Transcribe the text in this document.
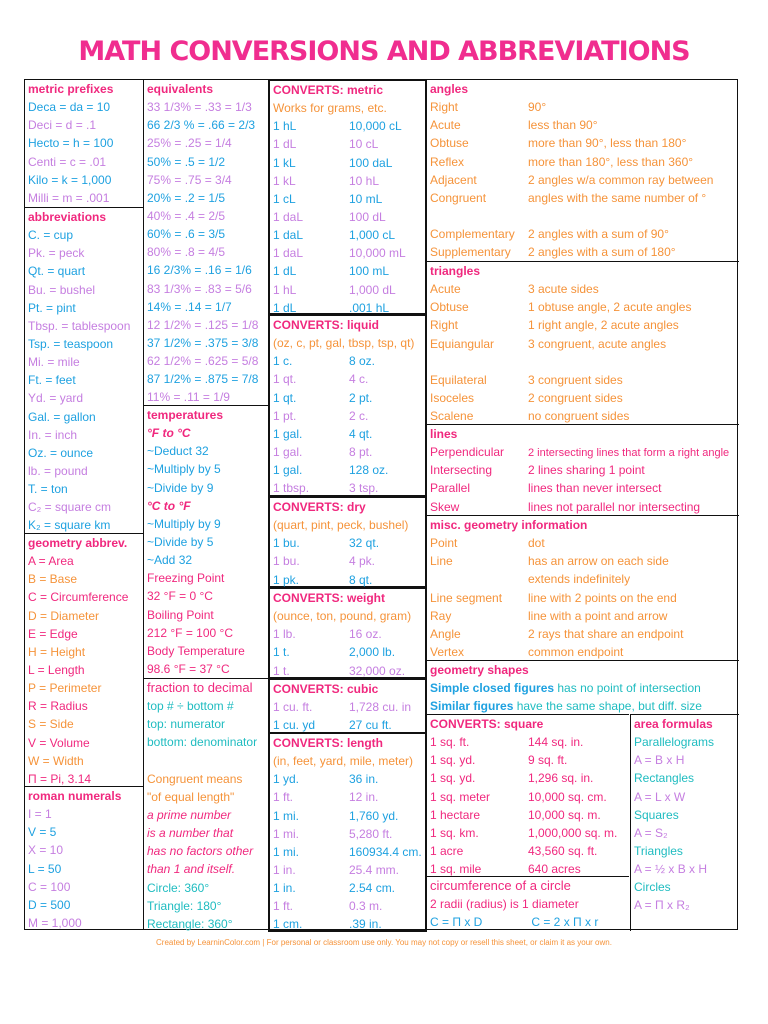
MATH CONVERSIONS AND ABBREVIATIONS
metric prefixes
Deca = da = 10
Deci = d = .1
Hecto = h = 100
Centi = c = .01
Kilo = k = 1,000
Milli = m = .001
abbreviations
C. = cup
Pk. = peck
Qt. = quart
Bu. = bushel
Pt. = pint
Tbsp. = tablespoon
Tsp. = teaspoon
Mi. = mile
Ft. = feet
Yd. = yard
Gal. = gallon
In. = inch
Oz. = ounce
lb. = pound
T. = ton
C₂ = square cm
K₂ = square km
geometry abbrev.
A = Area
B = Base
C = Circumference
D = Diameter
E = Edge
H = Height
L = Length
P = Perimeter
R = Radius
S = Side
V = Volume
W = Width
Π = Pi, 3.14
roman numerals
I = 1
V = 5
X = 10
L = 50
C = 100
D = 500
M = 1,000
equivalents
33 1/3% = .33 = 1/3
66 2/3 % = .66 = 2/3
25% = .25 = 1/4
50% = .5 = 1/2
75% = .75 = 3/4
20% = .2 = 1/5
40% = .4 = 2/5
60% = .6 = 3/5
80% = .8 = 4/5
16 2/3% = .16 = 1/6
83 1/3% = .83 = 5/6
14% = .14 = 1/7
12 1/2% = .125 = 1/8
37 1/2% = .375 = 3/8
62 1/2% = .625 = 5/8
87 1/2% = .875 = 7/8
11% = .11 = 1/9
temperatures
°F to °C
~Deduct 32
~Multiply by 5
~Divide by 9
°C to °F
~Multiply by 9
~Divide by 5
~Add 32
Freezing Point
32 °F = 0 °C
Boiling Point
212 °F = 100 °C
Body Temperature
98.6 °F = 37 °C
fraction to decimal
top # ÷ bottom #
top: numerator
bottom: denominator
Congruent means
"of equal length"
a prime number
is a number that
has no factors other
than 1 and itself.
Circle: 360°
Triangle: 180°
Rectangle: 360°
CONVERTS: metric
Works for grams, etc.
1 hL	10,000 cL
1 dL	10 cL
1 kL	100 daL
1 kL	10 hL
1 cL	10 mL
1 daL	100 dL
1 daL	1,000 cL
1 daL	10,000 mL
1 dL	100 mL
1 hL	1,000 dL
1 dL	.001 hL
CONVERTS: liquid
(oz, c, pt, gal, tbsp, tsp, qt)
1 c.	8 oz.
1 qt.	4 c.
1 qt.	2 pt.
1 pt.	2 c.
1 gal.	4 qt.
1 gal.	8 pt.
1 gal.	128 oz.
1 tbsp.	3 tsp.
CONVERTS: dry
(quart, pint, peck, bushel)
1 bu.	32 qt.
1 bu.	4 pk.
1 pk.	8 qt.
CONVERTS: weight
(ounce, ton, pound, gram)
1 lb.	16 oz.
1 t.	2,000 lb.
1 t.	32,000 oz.
CONVERTS: cubic
1 cu. ft.	1,728 cu. in
1 cu. yd	27 cu ft.
CONVERTS: length
(in, feet, yard, mile, meter)
1 yd.	36 in.
1 ft.	12 in.
1 mi.	1,760 yd.
1 mi.	5,280 ft.
1 mi.	160934.4 cm.
1 in.	25.4 mm.
1 in.	2.54 cm.
1 ft.	0.3 m.
1 cm.	.39 in.
angles
Right	90°
Acute	less than 90°
Obtuse	more than 90°, less than 180°
Reflex	more than 180°, less than 360°
Adjacent	2 angles w/a common ray between
Congruent	angles with the same number of °
Complementary 2 angles with a sum of 90°
Supplementary 2 angles with a sum of 180°
triangles
Acute	3 acute sides
Obtuse	1 obtuse angle, 2 acute angles
Right	1 right angle, 2 acute angles
Equiangular	3 congruent, acute angles
Equilateral	3 congruent sides
Isoceles	2 congruent sides
Scalene	no congruent sides
lines
Perpendicular 2 intersecting lines that form a right angle
Intersecting	2 lines sharing 1 point
Parallel	lines than never intersect
Skew	lines not parallel nor intersecting
misc. geometry information
Point	dot
Line	has an arrow on each side
extends indefinitely
Line segment line with 2 points on the end
Ray	line with a point and arrow
Angle	2 rays that share an endpoint
Vertex	common endpoint
geometry shapes
Simple closed figures has no point of intersection
Similar figures have the same shape, but diff. size
CONVERTS: square
1 sq. ft.	144 sq. in.
1 sq. yd.	9 sq. ft.
1 sq. yd.	1,296 sq. in.
1 sq. meter	10,000 sq. cm.
1 hectare	10,000 sq. m.
1 sq. km.	1,000,000 sq. m.
1 acre	43,560 sq. ft.
1 sq. mile	640 acres
circumference of a circle
2 radii (radius) is 1 diameter
C = Π x D	C = 2 x Π x r
area formulas
Parallelograms
A = B x H
Rectangles
A = L x W
Squares
A = S₂
Triangles
A = ½ x B x H
Circles
A = Π x R₂
Created by LearninColor.com | For personal or classroom use only. You may not copy or resell this sheet, or claim it as your own.
